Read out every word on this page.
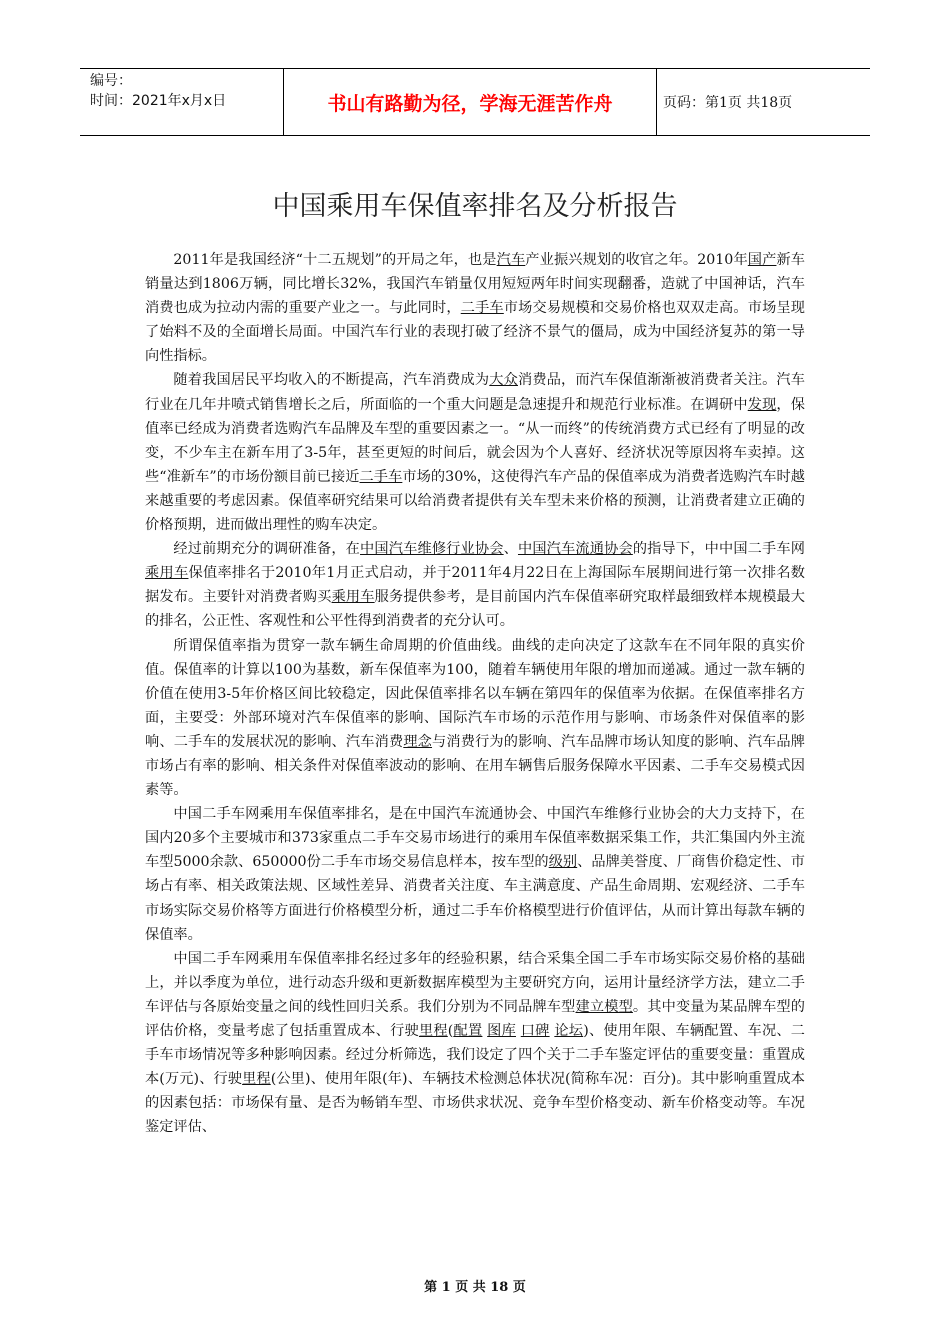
编号：
时间：2021年x月x日	书山有路勤为径，学海无涯苦作舟	页码：第1页 共18页
中国乘用车保值率排名及分析报告

2011年是我国经济“十二五规划”的开局之年，也是汽车产业振兴规划的收官之年。2010年国产新车销量达到1806万辆，同比增长32%，我国汽车销量仅用短短两年时间实现翻番，造就了中国神话，汽车消费也成为拉动内需的重要产业之一。与此同时，二手车市场交易规模和交易价格也双双走高。市场呈现了始料不及的全面增长局面。中国汽车行业的表现打破了经济不景气的僵局，成为中国经济复苏的第一导向性指标。

随着我国居民平均收入的不断提高，汽车消费成为大众消费品，而汽车保值渐渐被消费者关注。汽车行业在几年井喷式销售增长之后，所面临的一个重大问题是急速提升和规范行业标准。在调研中发现，保值率已经成为消费者选购汽车品牌及车型的重要因素之一。“从一而终”的传统消费方式已经有了明显的改变，不少车主在新车用了3-5年，甚至更短的时间后，就会因为个人喜好、经济状况等原因将车卖掉。这些“准新车”的市场份额目前已接近二手车市场的30%，这使得汽车产品的保值率成为消费者选购汽车时越来越重要的考虑因素。保值率研究结果可以给消费者提供有关车型未来价格的预测，让消费者建立正确的价格预期，进而做出理性的购车决定。

经过前期充分的调研准备，在中国汽车维修行业协会、中国汽车流通协会的指导下，中中国二手车网乘用车保值率排名于2010年1月正式启动，并于2011年4月22日在上海国际车展期间进行第一次排名数据发布。主要针对消费者购买乘用车服务提供参考，是目前国内汽车保值率研究取样最细致样本规模最大的排名，公正性、客观性和公平性得到消费者的充分认可。

所谓保值率指为贯穿一款车辆生命周期的价值曲线。曲线的走向决定了这款车在不同年限的真实价值。保值率的计算以100为基数，新车保值率为100，随着车辆使用年限的增加而递减。通过一款车辆的价值在使用3-5年价格区间比较稳定，因此保值率排名以车辆在第四年的保值率为依据。在保值率排名方面，主要受：外部环境对汽车保值率的影响、国际汽车市场的示范作用与影响、市场条件对保值率的影响、二手车的发展状况的影响、汽车消费理念与消费行为的影响、汽车品牌市场认知度的影响、汽车品牌市场占有率的影响、相关条件对保值率波动的影响、在用车辆售后服务保障水平因素、二手车交易模式因素等。

中国二手车网乘用车保值率排名，是在中国汽车流通协会、中国汽车维修行业协会的大力支持下，在国内20多个主要城市和373家重点二手车交易市场进行的乘用车保值率数据采集工作，共汇集国内外主流车型5000余款、650000份二手车市场交易信息样本，按车型的级别、品牌美誉度、厂商售价稳定性、市场占有率、相关政策法规、区域性差异、消费者关注度、车主满意度、产品生命周期、宏观经济、二手车市场实际交易价格等方面进行价格模型分析，通过二手车价格模型进行价值评估，从而计算出每款车辆的保值率。

中国二手车网乘用车保值率排名经过多年的经验积累，结合采集全国二手车市场实际交易价格的基础上，并以季度为单位，进行动态升级和更新数据库模型为主要研究方向，运用计量经济学方法，建立二手车评估与各原始变量之间的线性回归关系。我们分别为不同品牌车型建立模型。其中变量为某品牌车型的评估价格，变量考虑了包括重置成本、行驶里程(配置 图库 口碑 论坛)、使用年限、车辆配置、车况、二手车市场情况等多种影响因素。经过分析筛选，我们设定了四个关于二手车鉴定评估的重要变量：重置成本(万元)、行驶里程(公里)、使用年限(年)、车辆技术检测总体状况(简称车况：百分)。其中影响重置成本的因素包括：市场保有量、是否为畅销车型、市场供求状况、竞争车型价格变动、新车价格变动等。车况鉴定评估、

第 1 页 共 18 页
